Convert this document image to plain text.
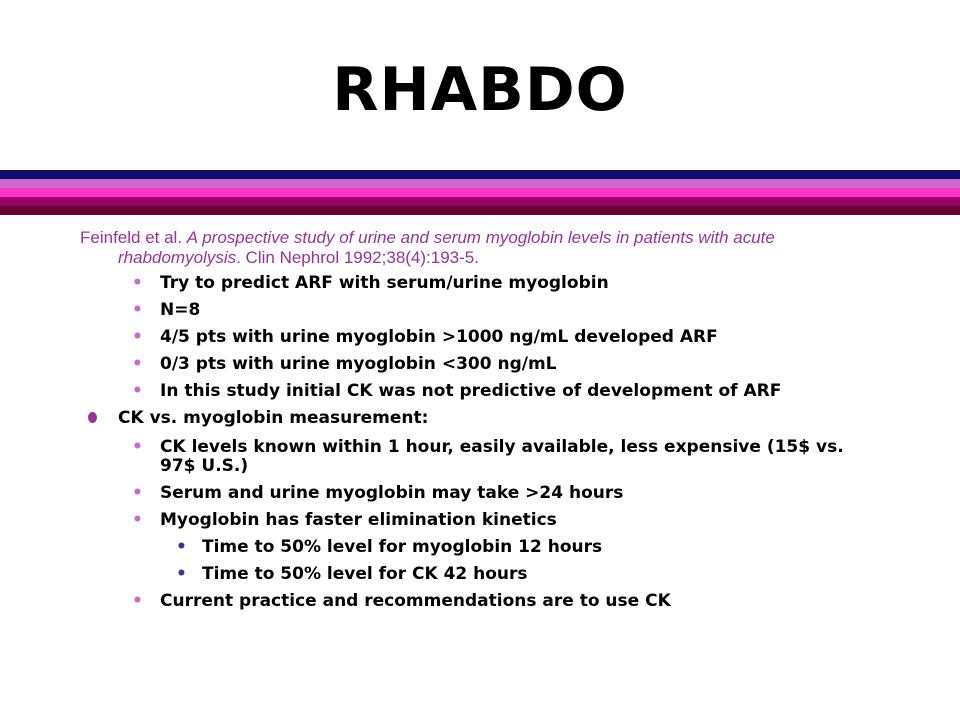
RHABDO

Feinfeld et al. A prospective study of urine and serum myoglobin levels in patients with acute rhabdomyolysis. Clin Nephrol 1992;38(4):193-5.

• Try to predict ARF with serum/urine myoglobin
• N=8
• 4/5 pts with urine myoglobin >1000 ng/mL developed ARF
• 0/3 pts with urine myoglobin <300 ng/mL
• In this study initial CK was not predictive of development of ARF
CK vs. myoglobin measurement:
• CK levels known within 1 hour, easily available, less expensive (15$ vs. 97$ U.S.)
• Serum and urine myoglobin may take >24 hours
• Myoglobin has faster elimination kinetics
• Time to 50% level for myoglobin 12 hours
• Time to 50% level for CK 42 hours
• Current practice and recommendations are to use CK
